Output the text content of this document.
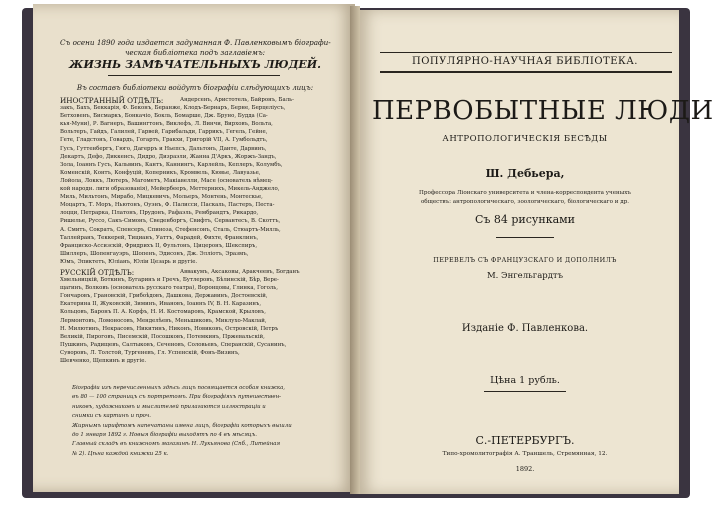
Съ осени 1890 года издается задуманная Ф. Павленковымъ біографи-
ческая библіотека подъ заглавіемъ:
ЖИЗНЬ ЗАМѢЧАТЕЛЬНЫХЪ ЛЮДЕЙ.
Въ составъ библіотеки войдутъ біографіи слѣдующихъ лицъ:
ИНОСТРАННЫЙ ОТДѢЛЪ:	Андерсенъ, Аристотель, Байронъ, Баль-
закъ, Бахъ, Беккарія, Ф. Беконъ, Беранже, Клодъ-Бернаръ, Берне, Берцеліусъ,
Бетховенъ, Бисмаркъ, Бонкачіо, Бокль, Бомарше, Дж. Бруно, Будда (Са-
кья-Муни), Р. Вагнеръ, Вашингтонъ, Виклефъ, Л. Винчи, Вирховъ, Вольта,
Вольтеръ, Гайдъ, Галилей, Гарвей, Гарибальди, Гаррикъ, Гегель, Гейне,
Гете, Гладстонъ, Говардъ, Гогартъ, Гракхи, Григорій VII, А. Гумбольдтъ,
Гусъ, Гуттенбергъ, Гюго, Дагерръ и Ньепсъ, Дальтонъ, Данте, Дарвинъ,
Декартъ, Дефо, Диккенсъ, Дидро, Дизраэли, Жанна Д'Аркъ, Жоржъ-Зандъ,
Зола, Іоаннъ Гусъ, Кальвинъ, Кантъ, Каннингъ, Карлейль, Кеплеръ, Колумбъ,
Коменскій, Контъ, Конфуцій, Коперникъ, Кромвель, Кювье, Лавуазье,
Лойола, Локкъ, Лютеръ, Магометъ, Макіавелли, Масе (основатель нѣмец-
кой народн. лиги образованія), Мейербееръ, Меттернихъ, Микель-Анджело,
Миль, Мильтонъ, Мирабо, Мицкевичъ, Мольеръ, Монтень, Монтескье,
Моцартъ, Т. Моръ, Ньютонъ, Оуэнъ, Ф. Палисси, Паскаль, Пастеръ, Песта-
лоцци, Петрарка, Платонъ, Прудонъ, Рафаэль, Рембрандтъ, Рикардо,
Ришелье, Руссо, Сакъ-Симонъ, Сведенборгъ, Свифтъ, Сервантесъ, В. Скоттъ,
А. Смитъ, Сократъ, Спенсеръ, Спиноза, Стефенсонъ, Сталь, Стюартъ-Милль,
Таллейранъ, Теккерей, Тицианъ, Уаттъ, Фарадей, Фихте, Франклинъ,
Франциско-Ассизскій, Фридрихъ II, Фультонъ, Цицеронъ, Шекспиръ,
Шиллеръ, Шопенгауэръ, Шопенъ, Эдисонъ, Дж. Элліотъ, Эразмъ,
Юмъ, Эпиктетъ, Юліанъ, Юліи Цезарь и другіе.
РУССКІЙ ОТДѢЛЪ:	Аввакумъ, Аксаковы, Аракчеевъ, Богданъ
Хмельницкій, Боткинъ, Бугаринъ и Гречъ, Бутлеровъ, Бѣлинскій, Бѣр, Вере-
щагинъ, Волковъ (основатель русскаго театра), Воронцовы, Глинка, Гоголь,
Гончаровъ, Грановскій, Грибоѣдовъ, Дашкова, Державинъ, Достоевскій,
Екатерина II, Жуковскій, Зиминъ, Ивановъ, Іоаннъ IV, В. Н. Каразинъ,
Кольцовъ, Баронъ П. А. Корфъ, Н. И. Костомаровъ, Крамской, Крыловъ,
Лермонтовъ, Ломоносовъ, Менделѣевъ, Меньшиковъ, Миклухо-Маклай,
Н. Милютинъ, Некрасовъ, Никитинъ, Никонъ, Новиковъ, Островскій, Петръ
Великій, Пироговъ, Писемскій, Посошковъ, Потемкинъ, Пржевальскій,
Пушкинъ, Радищевъ, Салтыковъ, Сеченовъ, Соловьевъ, Сперанскій, Сусанинъ,
Суворовъ, Л. Толстой, Тургеневъ, Гл. Успенскій, Фонъ-Визинъ,
Шевченко, Щепкинъ и другіе.
Біографіи изъ перечисленныхъ здѣсь лицъ посвящается особая книжка,
въ 80 — 100 страницъ съ портретомъ. При біографіяхъ путешествен-
никовъ, художниковъ и мыслителей прилагаются иллюстраціи и
снимки съ картинъ и проч.
Жирнымъ шрифтомъ напечатаны имена лицъ, біографіи которыхъ вышли
до 1 января 1892 г. Новыя біографіи выходятъ по 4 въ мѣсяцъ.
Главный складъ въ книжномъ магазинѣ Н. Лукьянова (Спб., Литейная
№ 2). Цѣна каждой книжки 25 к.
ПОПУЛЯРНО-НАУЧНАЯ БИБЛІОТЕКА.
ПЕРВОБЫТНЫЕ ЛЮДИ
АНТРОПОЛОГИЧЕСКІЯ БЕСѢДЫ
Ш. Дебьера,
Профессора Ліонскаго университета и члена-корреспондента ученыхъ
обществъ: антропологическаго, зоологическаго, біологическаго и др.
Съ 84 рисунками
ПЕРЕВЕЛЪ СЪ ФРАНЦУЗСКАГО И ДОПОЛНИЛЪ
М. Энгельгардтъ
Изданіе Ф. Павленкова.
Цѣна 1 рубль.
С.-ПЕТЕРБУРГЪ.
Типо-хромолитографія А. Траншель, Стремянная, 12.
1892.
